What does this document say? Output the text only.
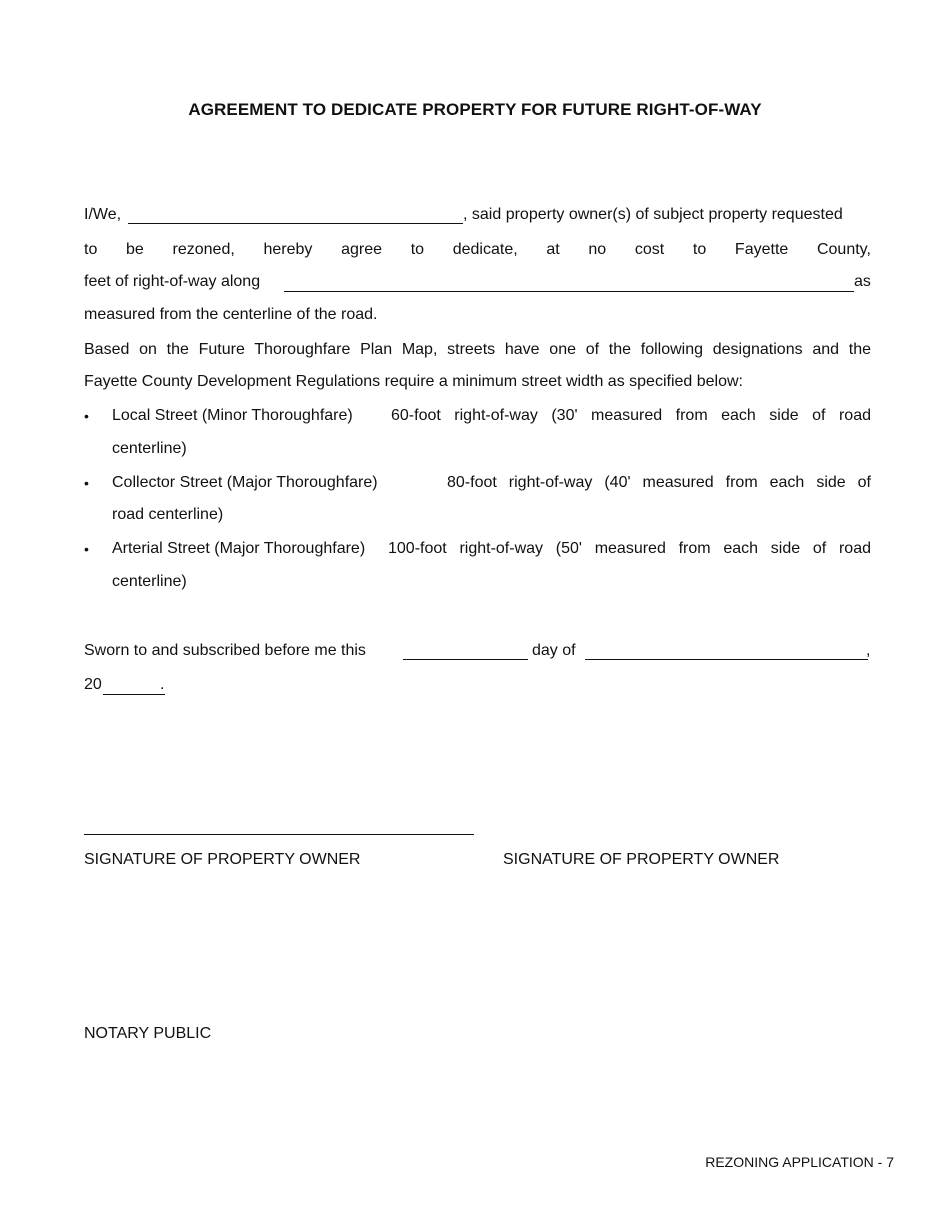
AGREEMENT TO DEDICATE PROPERTY FOR FUTURE RIGHT-OF-WAY
I/We,	, said property owner(s) of subject property requested
to be rezoned, hereby agree to dedicate, at no cost to Fayette County,
feet of right-of-way along	as
measured from the centerline of the road.
Based on the Future Thoroughfare Plan Map, streets have one of the following designations and the
Fayette County Development Regulations require a minimum street width as specified below:
• Local Street (Minor Thoroughfare) 60-foot right-of-way (30' measured from each side of road
centerline)
• Collector Street (Major Thoroughfare)	80-foot right-of-way (40' measured from each side of
road centerline)
• Arterial Street (Major Thoroughfare) 100-foot right-of-way (50' measured from each side of road
centerline)
Sworn to and subscribed before me this	day of	,
20	.
SIGNATURE OF PROPERTY OWNER	SIGNATURE OF PROPERTY OWNER
NOTARY PUBLIC
REZONING APPLICATION - 7
